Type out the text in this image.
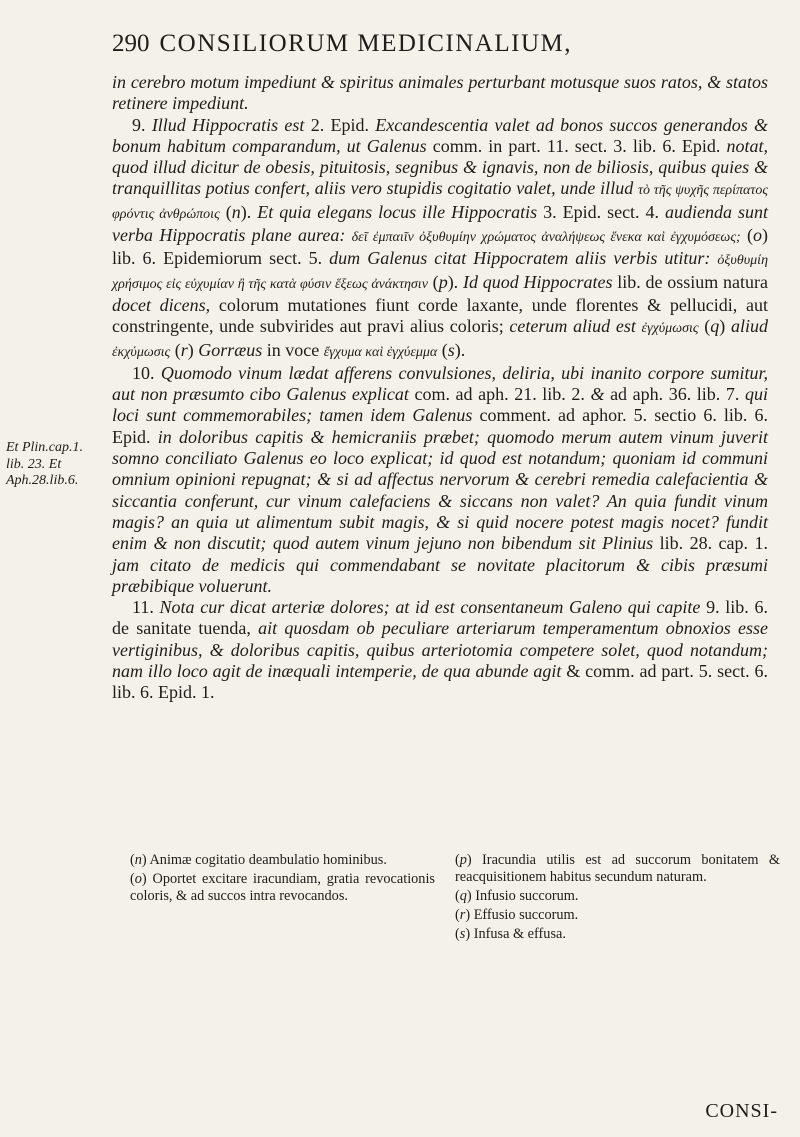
290 CONSILIORUM MEDICINALIUM,
Et Plin.cap.1.
lib. 23. Et
Aph.28.lib.6.

in cerebro motum impediunt & spiritus animales perturbant motusque suos ratos, & statos retinere impediunt.

9. Illud Hippocratis est 2. Epid. Excandescentia valet ad bonos succos generandos & bonum habitum comparandum, ut Galenus comm. in part. 11. sect. 3. lib. 6. Epid. notat, quod illud dicitur de obesis, pituitosis, segnibus & ignavis, non de biliosis, quibus quies & tranquillitas potius confert, aliis vero stupidis cogitatio valet, unde illud τὸ τῆς ψυχῆς περίπατος φρόντις ἀνθρώποις (n). Et quia elegans locus ille Hippocratis 3. Epid. sect. 4. audienda sunt verba Hippocratis plane aurea: δεῖ ἐμπαιῖν ὀξυθυμίην χρώματος ἀναλήψεως ἕνεκα καὶ ἐγχυμόσεως; (o) lib. 6. Epidemiorum sect. 5. dum Galenus citat Hippocratem aliis verbis utitur: ὀξυθυμίη χρήσιμος εἰς εὐχυμίαν ἢ τῆς κατὰ φύσιν ἕξεως ἀνάκτησιν (p). Id quod Hippocrates lib. de ossium natura docet dicens, colorum mutationes fiunt corde laxante, unde florentes & pellucidi, aut constringente, unde subvirides aut pravi alius coloris; ceterum aliud est ἐγχύμωσις (q) aliud ἐκχύμωσις (r) Gorræus in voce ἔγχυμα καὶ ἐγχύεμμα (s).

10. Quomodo vinum lædat afferens convulsiones, deliria, ubi inanito corpore sumitur, aut non præsumto cibo Galenus explicat com. ad aph. 21. lib. 2. & ad aph. 36. lib. 7. qui loci sunt commemorabiles; tamen idem Galenus comment. ad aphor. 5. sectio 6. lib. 6. Epid. in doloribus capitis & hemicraniis præbet; quomodo merum autem vinum juverit somno conciliato Galenus eo loco explicat; id quod est notandum; quoniam id communi omnium opinioni repugnat; & si ad affectus nervorum & cerebri remedia calefacientia & siccantia conferunt, cur vinum calefaciens & siccans non valet? An quia fundit vinum magis? an quia ut alimentum subit magis, & si quid nocere potest magis nocet? fundit enim & non discutit; quod autem vinum jejuno non bibendum sit Plinius lib. 28. cap. 1. jam citato de medicis qui commendabant se novitate placitorum & cibis præsumi præbibique voluerunt.

11. Nota cur dicat arteriæ dolores; at id est consentaneum Galeno qui capite 9. lib. 6. de sanitate tuenda, ait quosdam ob peculiare arteriarum temperamentum obnoxios esse vertiginibus, & doloribus capitis, quibus arteriotomia competere solet, quod notandum; nam illo loco agit de inæquali intemperie, de qua abunde agit & comm. ad part. 5. sect. 6. lib. 6. Epid. 1.

(n) Animæ cogitatio deambulatio hominibus.
(o) Oportet excitare iracundiam, gratia revocationis coloris, & ad succos intra revocandos.
(p) Iracundia utilis est ad succorum bonitatem & reacquisitionem habitus secundum naturam.
(q) Infusio succorum.
(r) Effusio succorum.
(s) Infusa & effusa.
CONSI-
